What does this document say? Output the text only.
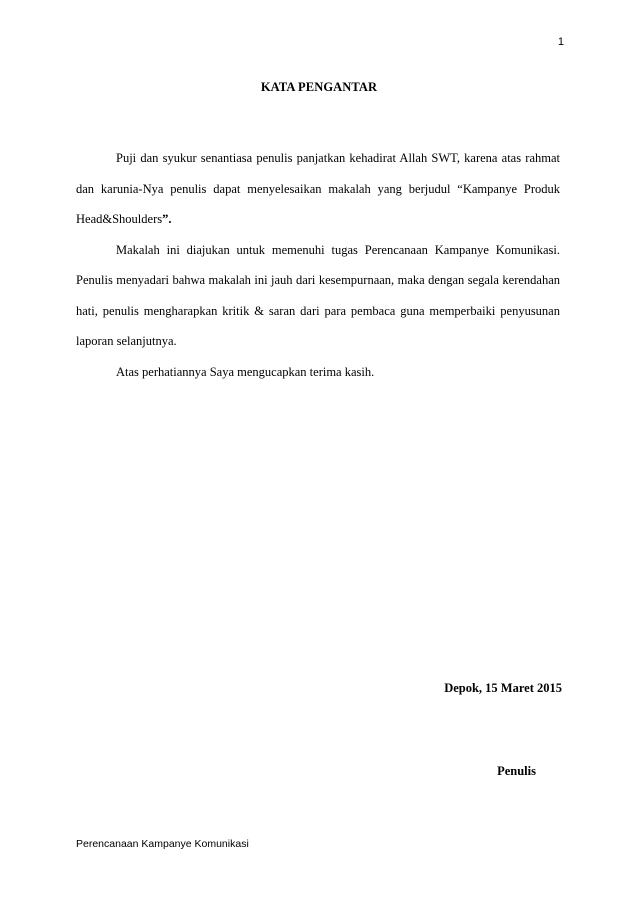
1
KATA PENGANTAR

Puji dan syukur senantiasa penulis panjatkan kehadirat Allah SWT, karena atas rahmat dan karunia-Nya penulis dapat menyelesaikan makalah yang berjudul “Kampanye Produk Head&Shoulders”.

Makalah ini diajukan untuk memenuhi tugas Perencanaan Kampanye Komunikasi. Penulis menyadari bahwa makalah ini jauh dari kesempurnaan, maka dengan segala kerendahan hati, penulis mengharapkan kritik & saran dari para pembaca guna memperbaiki penyusunan laporan selanjutnya.

Atas perhatiannya Saya mengucapkan terima kasih.

Depok, 15 Maret 2015
Penulis
Perencanaan Kampanye Komunikasi
